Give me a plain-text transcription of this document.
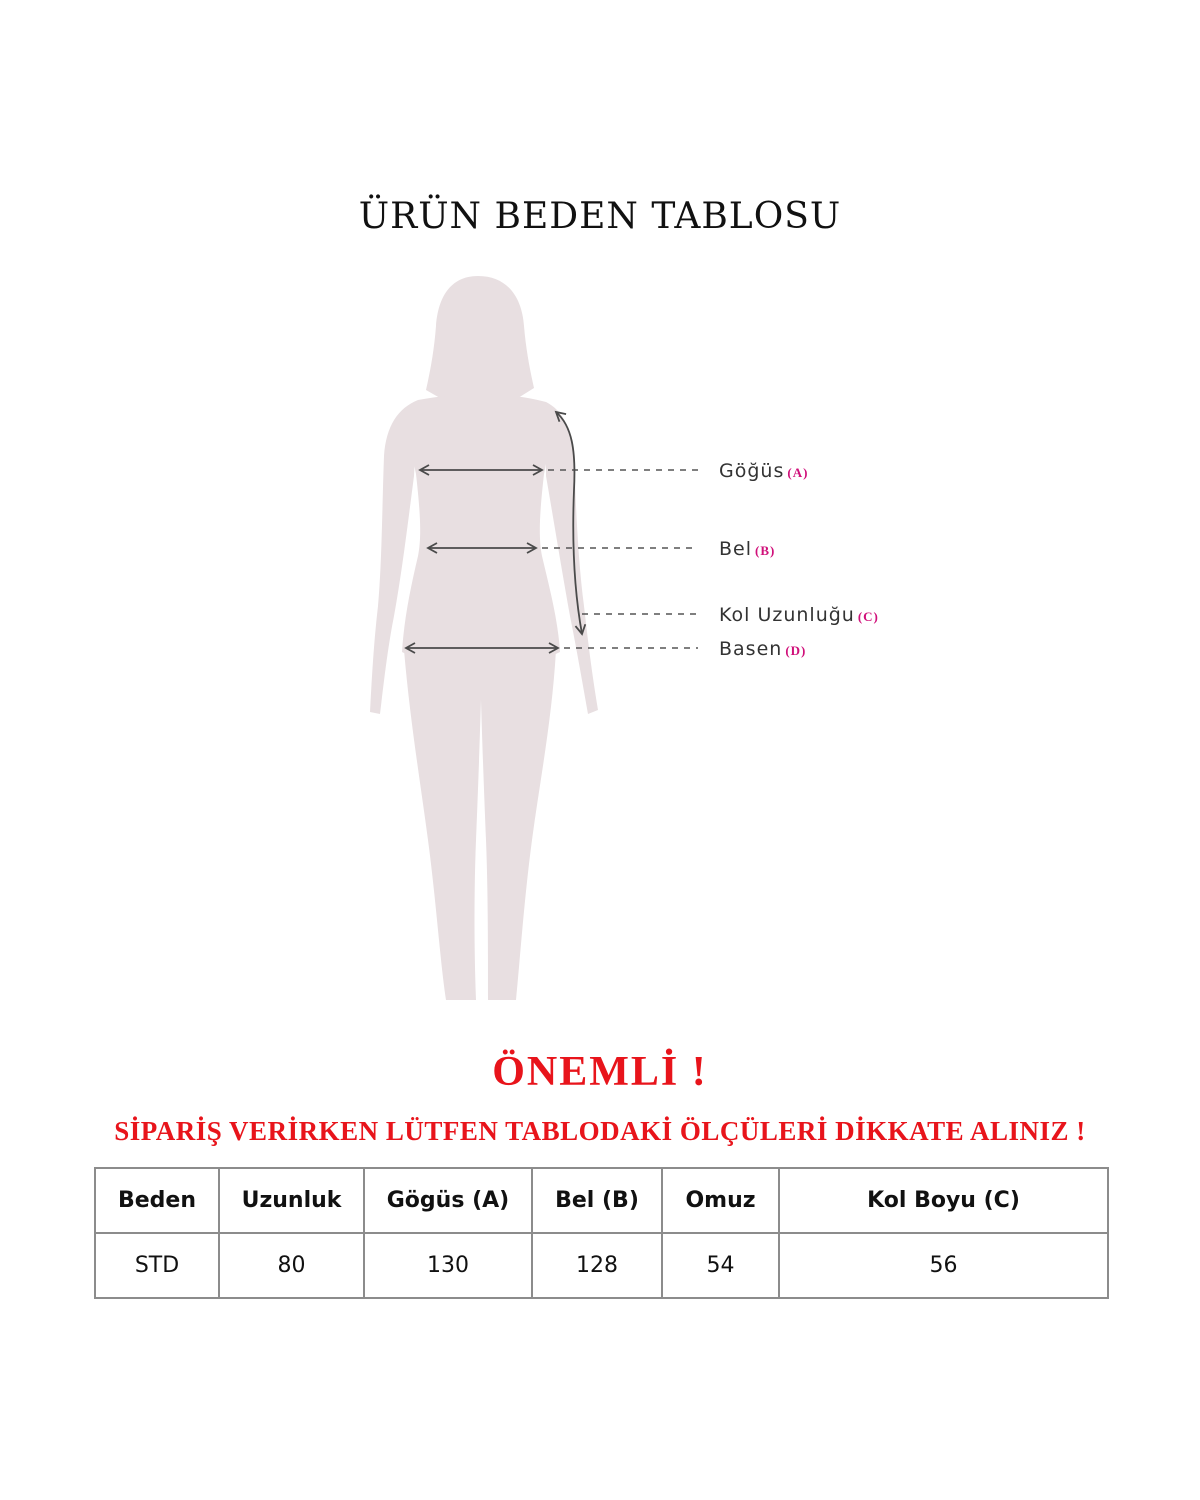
ÜRÜN BEDEN TABLOSU
Göğüs (A)
Bel (B)
Kol Uzunluğu (C)
Basen (D)
ÖNEMLİ !
SİPARİŞ VERİRKEN LÜTFEN TABLODAKİ ÖLÇÜLERİ DİKKATE ALINIZ !
Beden	Uzunluk	Gögüs (A)	Bel (B)	Omuz	Kol Boyu (C)
STD	80	130	128	54	56
